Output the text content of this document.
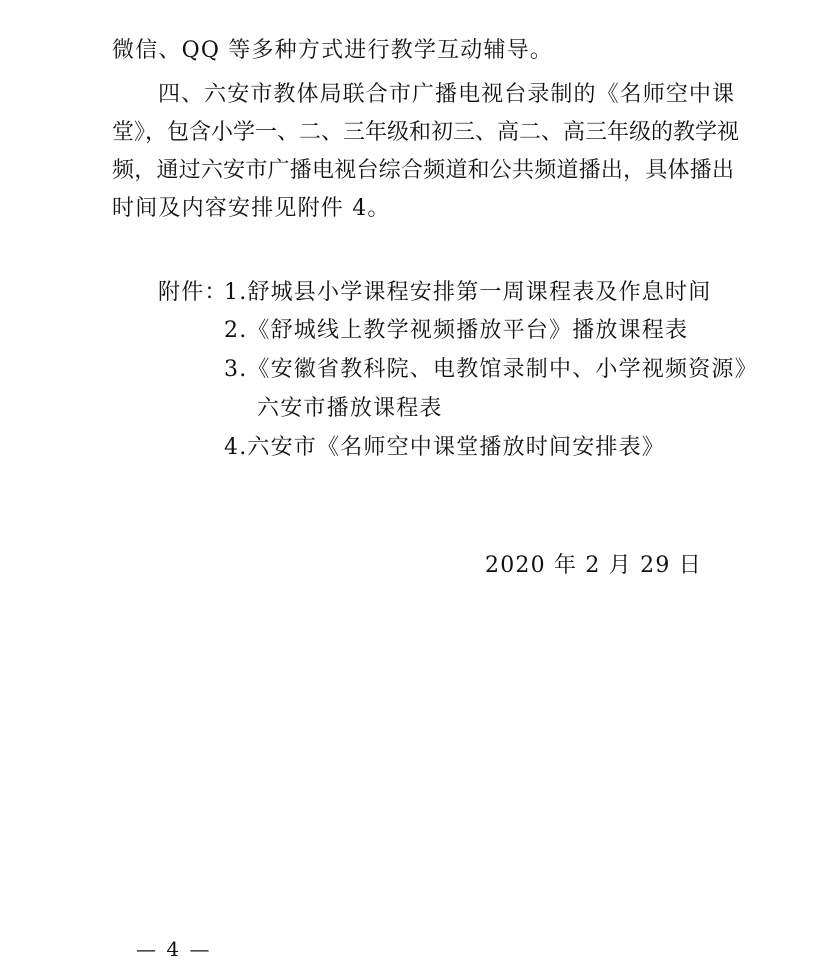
微信、QQ 等多种方式进行教学互动辅导。
四、六安市教体局联合市广播电视台录制的《名师空中课
堂》，包含小学一、二、三年级和初三、高二、高三年级的教学视
频，通过六安市广播电视台综合频道和公共频道播出，具体播出
时间及内容安排见附件 4。
附件：
1.舒城县小学课程安排第一周课程表及作息时间
2.《舒城线上教学视频播放平台》播放课程表
3.《安徽省教科院、电教馆录制中、小学视频资源》
六安市播放课程表
4.六安市《名师空中课堂播放时间安排表》
2020 年 2 月 29 日
— 4 —
